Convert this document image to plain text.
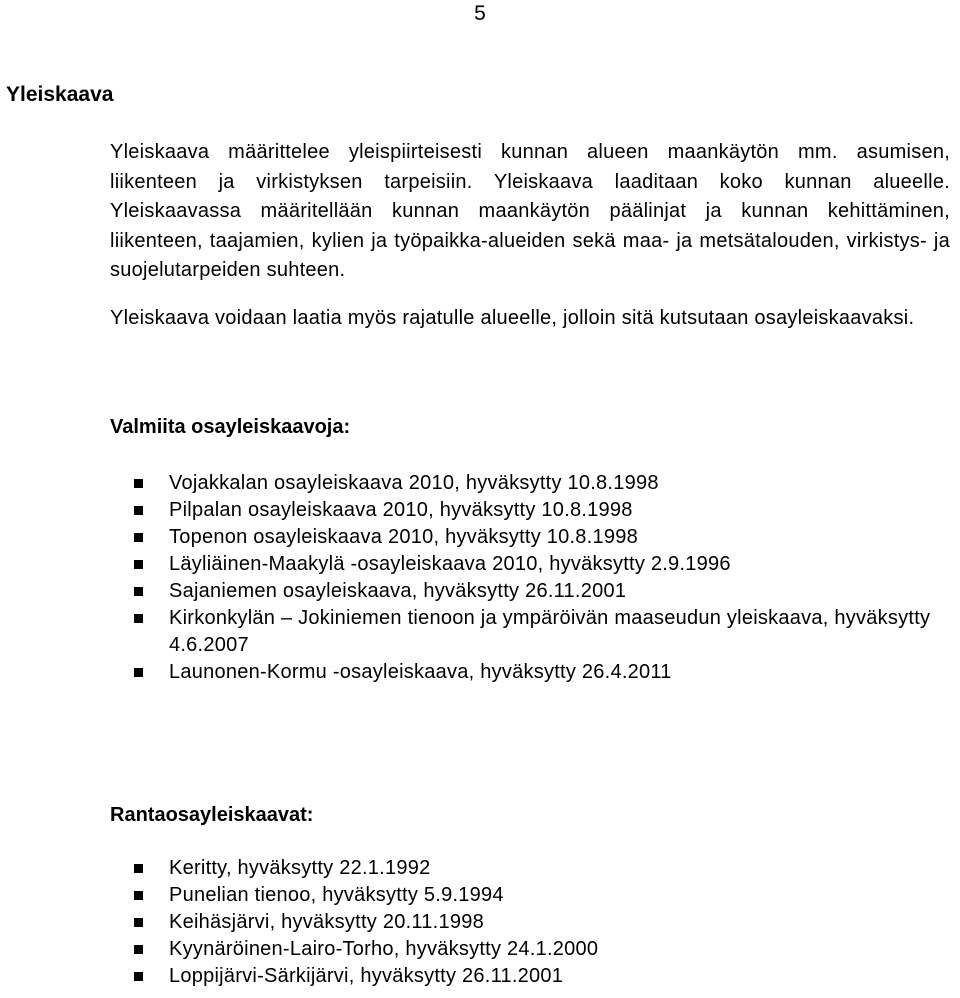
5
Yleiskaava

Yleiskaava määrittelee yleispiirteisesti kunnan alueen maankäytön mm. asumisen, liikenteen ja virkistyksen tarpeisiin. Yleiskaava laaditaan koko kunnan alueelle. Yleiskaavassa määritellään kunnan maankäytön päälinjat ja kunnan kehittäminen, liikenteen, taajamien, kylien ja työpaikka-alueiden sekä maa- ja metsätalouden, virkistys- ja suojelutarpeiden suhteen.

Yleiskaava voidaan laatia myös rajatulle alueelle, jolloin sitä kutsutaan osayleiskaavaksi.

Valmiita osayleiskaavoja:
Vojakkalan osayleiskaava 2010, hyväksytty 10.8.1998
Pilpalan osayleiskaava 2010, hyväksytty 10.8.1998
Topenon osayleiskaava 2010, hyväksytty 10.8.1998
Läyliäinen-Maakylä -osayleiskaava 2010, hyväksytty 2.9.1996
Sajaniemen osayleiskaava, hyväksytty 26.11.2001
Kirkonkylän – Jokiniemen tienoon ja ympäröivän maaseudun yleiskaava, hyväksytty 4.6.2007
Launonen-Kormu -osayleiskaava, hyväksytty 26.4.2011
Rantaosayleiskaavat:
Keritty, hyväksytty 22.1.1992
Punelian tienoo, hyväksytty 5.9.1994
Keihäsjärvi, hyväksytty 20.11.1998
Kyynäröinen-Lairo-Torho, hyväksytty 24.1.2000
Loppijärvi-Särkijärvi, hyväksytty 26.11.2001
